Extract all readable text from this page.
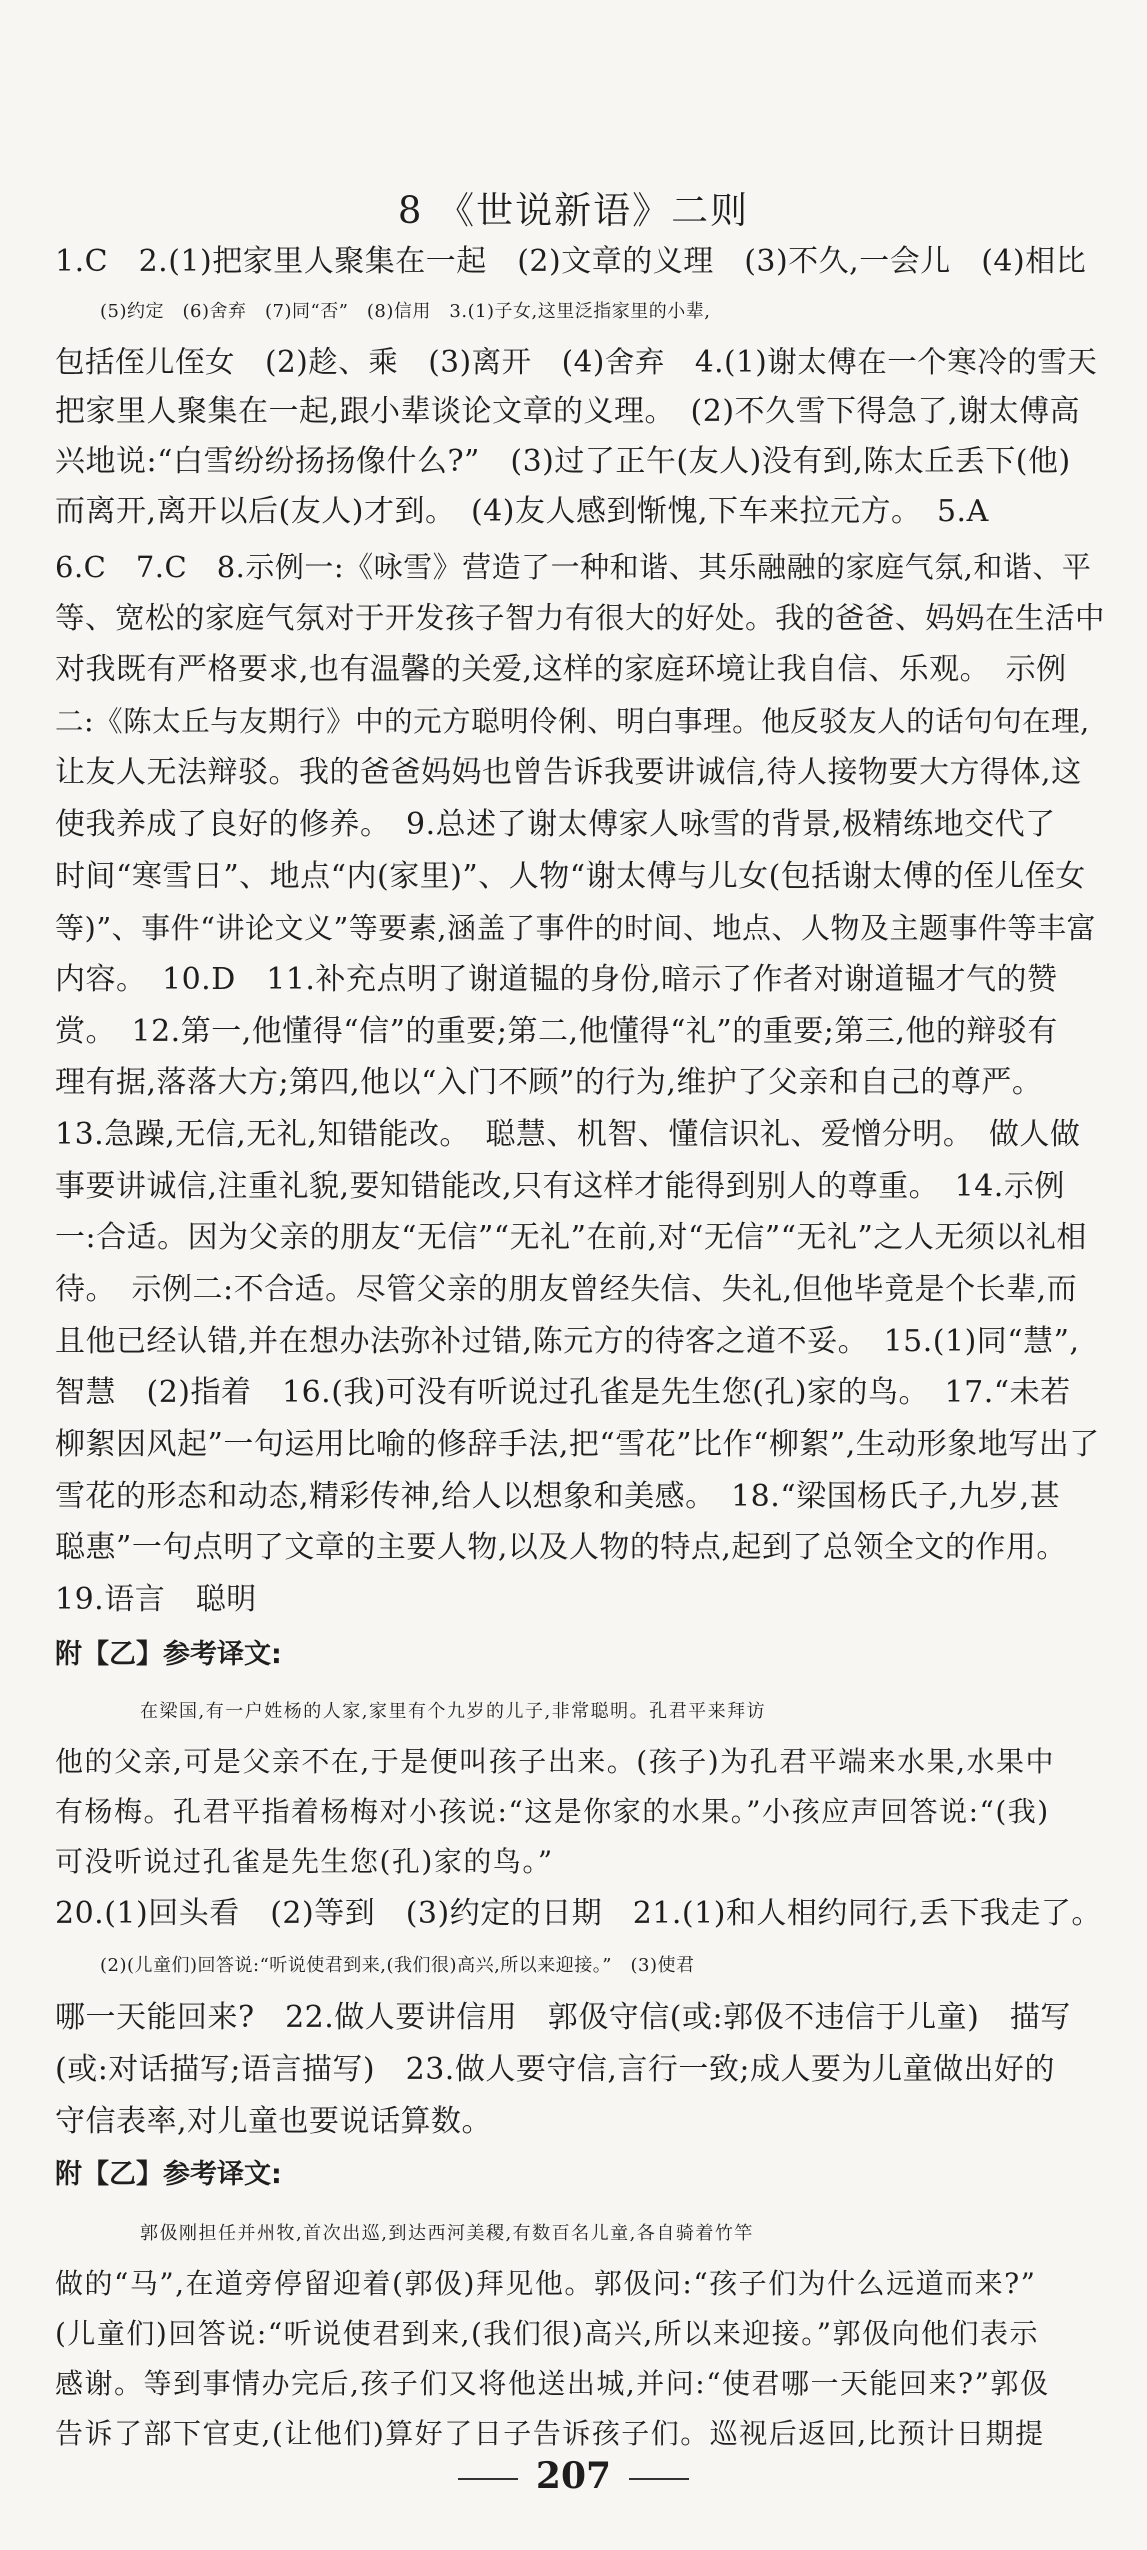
8 《世说新语》二则
1.C　2.(1)把家里人聚集在一起　(2)文章的义理　(3)不久,一会儿　(4)相比
(5)约定　(6)舍弃　(7)同“否”　(8)信用　3.(1)子女,这里泛指家里的小辈,
包括侄儿侄女　(2)趁、乘　(3)离开　(4)舍弃　4.(1)谢太傅在一个寒冷的雪天
把家里人聚集在一起,跟小辈谈论文章的义理。　(2)不久雪下得急了,谢太傅高
兴地说:“白雪纷纷扬扬像什么?”　(3)过了正午(友人)没有到,陈太丘丢下(他)
而离开,离开以后(友人)才到。　(4)友人感到惭愧,下车来拉元方。　5.A
6.C　7.C　8.示例一:《咏雪》营造了一种和谐、其乐融融的家庭气氛,和谐、平
等、宽松的家庭气氛对于开发孩子智力有很大的好处。我的爸爸、妈妈在生活中
对我既有严格要求,也有温馨的关爱,这样的家庭环境让我自信、乐观。　示例
二:《陈太丘与友期行》中的元方聪明伶俐、明白事理。他反驳友人的话句句在理,
让友人无法辩驳。我的爸爸妈妈也曾告诉我要讲诚信,待人接物要大方得体,这
使我养成了良好的修养。　9.总述了谢太傅家人咏雪的背景,极精练地交代了
时间“寒雪日”、地点“内(家里)”、人物“谢太傅与儿女(包括谢太傅的侄儿侄女
等)”、事件“讲论文义”等要素,涵盖了事件的时间、地点、人物及主题事件等丰富
内容。　10.D　11.补充点明了谢道韫的身份,暗示了作者对谢道韫才气的赞
赏。　12.第一,他懂得“信”的重要;第二,他懂得“礼”的重要;第三,他的辩驳有
理有据,落落大方;第四,他以“入门不顾”的行为,维护了父亲和自己的尊严。
13.急躁,无信,无礼,知错能改。　聪慧、机智、懂信识礼、爱憎分明。　做人做
事要讲诚信,注重礼貌,要知错能改,只有这样才能得到别人的尊重。　14.示例
一:合适。因为父亲的朋友“无信”“无礼”在前,对“无信”“无礼”之人无须以礼相
待。　示例二:不合适。尽管父亲的朋友曾经失信、失礼,但他毕竟是个长辈,而
且他已经认错,并在想办法弥补过错,陈元方的待客之道不妥。　15.(1)同“慧”,
智慧　(2)指着　16.(我)可没有听说过孔雀是先生您(孔)家的鸟。　17.“未若
柳絮因风起”一句运用比喻的修辞手法,把“雪花”比作“柳絮”,生动形象地写出了
雪花的形态和动态,精彩传神,给人以想象和美感。　18.“梁国杨氏子,九岁,甚
聪惠”一句点明了文章的主要人物,以及人物的特点,起到了总领全文的作用。
19.语言　聪明
附【乙】参考译文:
在梁国,有一户姓杨的人家,家里有个九岁的儿子,非常聪明。孔君平来拜访
他的父亲,可是父亲不在,于是便叫孩子出来。(孩子)为孔君平端来水果,水果中
有杨梅。孔君平指着杨梅对小孩说:“这是你家的水果。”小孩应声回答说:“(我)
可没听说过孔雀是先生您(孔)家的鸟。”
20.(1)回头看　(2)等到　(3)约定的日期　21.(1)和人相约同行,丢下我走了。
(2)(儿童们)回答说:“听说使君到来,(我们很)高兴,所以来迎接。”　(3)使君
哪一天能回来?　22.做人要讲信用　郭伋守信(或:郭伋不违信于儿童)　描写
(或:对话描写;语言描写)　23.做人要守信,言行一致;成人要为儿童做出好的
守信表率,对儿童也要说话算数。
附【乙】参考译文:
郭伋刚担任并州牧,首次出巡,到达西河美稷,有数百名儿童,各自骑着竹竿
做的“马”,在道旁停留迎着(郭伋)拜见他。郭伋问:“孩子们为什么远道而来?”
(儿童们)回答说:“听说使君到来,(我们很)高兴,所以来迎接。”郭伋向他们表示
感谢。等到事情办完后,孩子们又将他送出城,并问:“使君哪一天能回来?”郭伋
告诉了部下官吏,(让他们)算好了日子告诉孩子们。巡视后返回,比预计日期提
207
